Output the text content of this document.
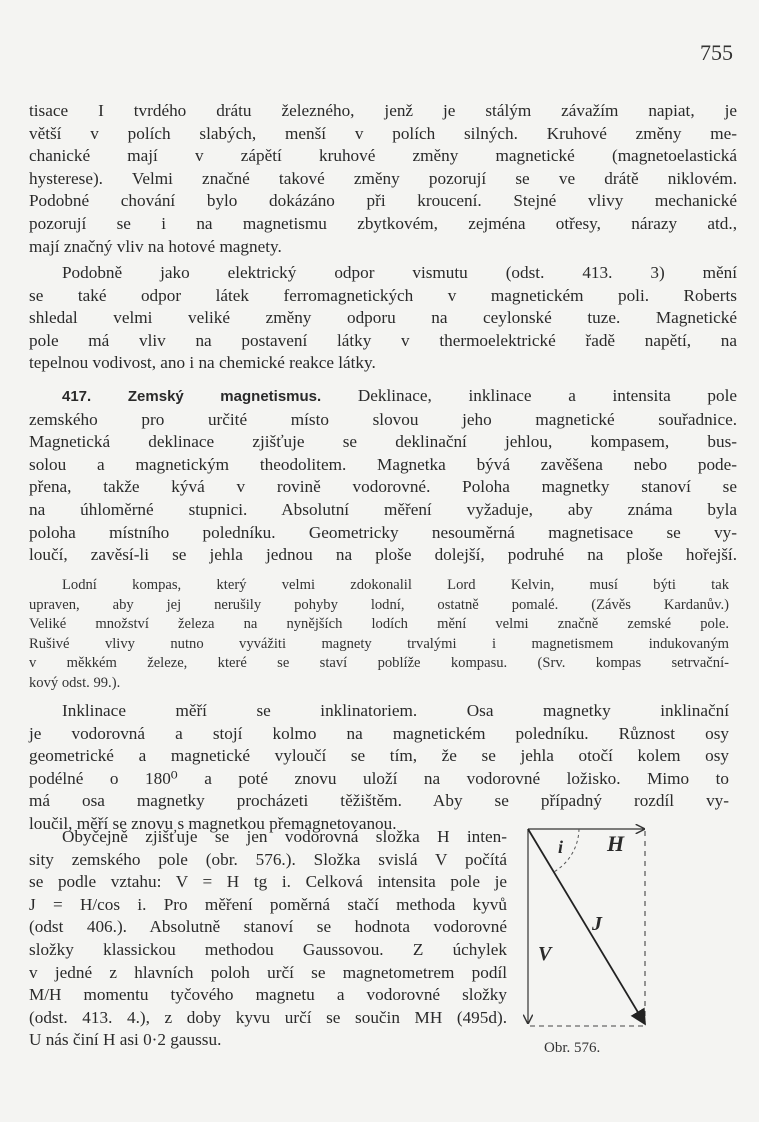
755
tisace I tvrdého drátu železného, jenž je stálým závažím napiat, je
větší v polích slabých, menší v polích silných. Kruhové změny me-
chanické mají v zápětí kruhové změny magnetické (magnetoelastická
hysterese). Velmi značné takové změny pozorují se ve drátě niklovém.
Podobné chování bylo dokázáno při kroucení. Stejné vlivy mechanické
pozorují se i na magnetismu zbytkovém, zejména otřesy, nárazy atd.,
mají značný vliv na hotové magnety.
Podobně jako elektrický odpor vismutu (odst. 413. 3) mění
se také odpor látek ferromagnetických v magnetickém poli. Roberts
shledal velmi veliké změny odporu na ceylonské tuze. Magnetické
pole má vliv na postavení látky v thermoelektrické řadě napětí, na
tepelnou vodivost, ano i na chemické reakce látky.
417. Zemský magnetismus. Deklinace, inklinace a intensita pole
zemského pro určité místo slovou jeho magnetické souřadnice.
Magnetická deklinace zjišťuje se deklinační jehlou, kompasem, bus-
solou a magnetickým theodolitem. Magnetka bývá zavěšena nebo pode-
přena, takže kývá v rovině vodorovné. Poloha magnetky stanoví se
na úhloměrné stupnici. Absolutní měření vyžaduje, aby známa byla
poloha místního poledníku. Geometricky nesouměrná magnetisace se vy-
loučí, zavěsí-li se jehla jednou na ploše dolejší, podruhé na ploše hořejší.
Lodní kompas, který velmi zdokonalil Lord Kelvin, musí býti tak
upraven, aby jej nerušily pohyby lodní, ostatně pomalé. (Závěs Kardanův.)
Veliké množství železa na nynějších lodích mění velmi značně zemské pole.
Rušivé vlivy nutno vyvážiti magnety trvalými i magnetismem indukovaným
v měkkém železe, které se staví poblíže kompasu. (Srv. kompas setrvační-
kový odst. 99.).
Inklinace měří se inklinatoriem. Osa magnetky inklinační
je vodorovná a stojí kolmo na magnetickém poledníku. Různost osy
geometrické a magnetické vyloučí se tím, že se jehla otočí kolem osy
podélné o 180⁰ a poté znovu uloží na vodorovné ložisko. Mimo to
má osa magnetky procházeti těžištěm. Aby se případný rozdíl vy-
loučil, měří se znovu s magnetkou přemagnetovanou.
Obyčejně zjišťuje se jen vodorovná složka H inten-
sity zemského pole (obr. 576.). Složka svislá V počítá
se podle vztahu: V = H tg i. Celková intensita pole je
J = H/cos i. Pro měření poměrná stačí methoda kyvů
(odst 406.). Absolutně stanoví se hodnota vodorovné
složky klassickou methodou Gaussovou. Z úchylek
v jedné z hlavních poloh určí se magnetometrem podíl
M/H momentu tyčového magnetu a vodorovné složky
(odst. 413. 4.), z doby kyvu určí se součin MH (495d).
U nás činí H asi 0·2 gaussu.
i H
J
V
Obr. 576.
